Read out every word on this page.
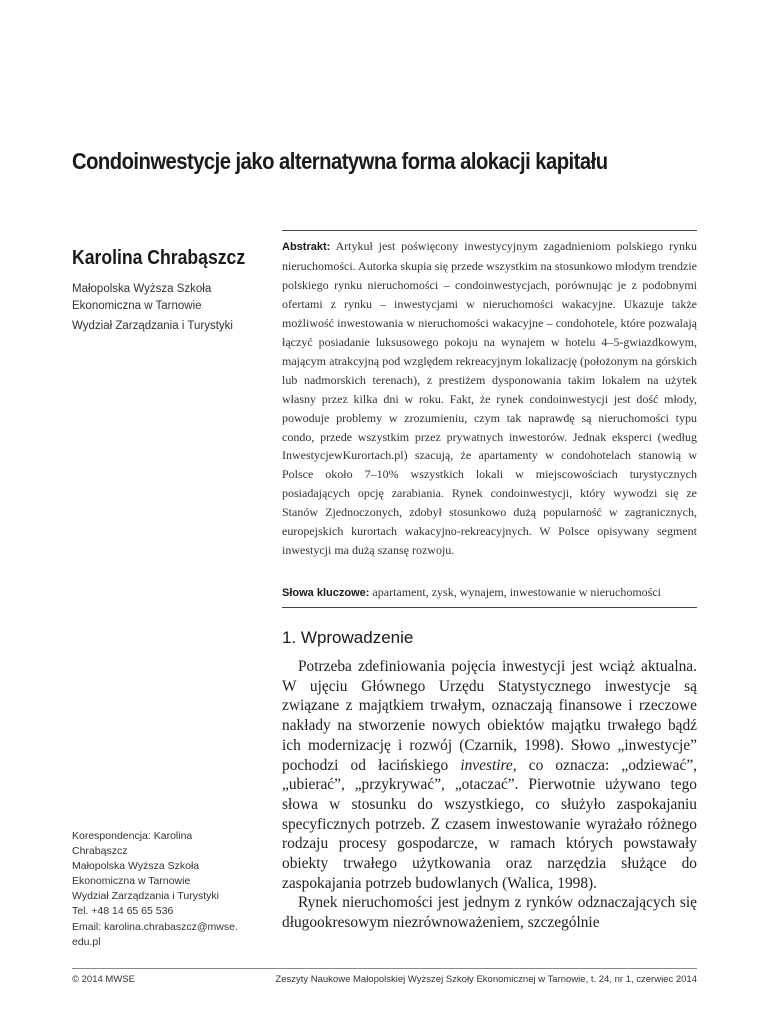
Condoinwestycje jako alternatywna forma alokacji kapitału
Karolina Chrabąszcz
Małopolska Wyższa Szkoła
Ekonomiczna w Tarnowie
Wydział Zarządzania i Turystyki
Abstrakt: Artykuł jest poświęcony inwestycyjnym zagadnieniom polskiego rynku nieruchomości. Autorka skupia się przede wszystkim na stosunkowo młodym trendzie polskiego rynku nieruchomości – condoinwestycjach, porównując je z podobnymi ofertami z rynku – inwestycjami w nieruchomości wakacyjne. Ukazuje także możliwość inwestowania w nieruchomości wakacyjne – condohotele, które pozwalają łączyć posiadanie luksusowego pokoju na wynajem w hotelu 4–5-gwiazdkowym, mającym atrakcyjną pod względem rekreacyjnym lokalizację (położonym na górskich lub nadmorskich terenach), z prestiżem dysponowania takim lokalem na użytek własny przez kilka dni w roku. Fakt, że rynek condoinwestycji jest dość młody, powoduje problemy w zrozumieniu, czym tak naprawdę są nieruchomości typu condo, przede wszystkim przez prywatnych inwestorów. Jednak eksperci (według InwestycjewKurortach.pl) szacują, że apartamenty w condohotelach stanowią w Polsce około 7–10% wszystkich lokali w miejscowościach turystycznych posiadających opcję zarabiania. Rynek condoinwestycji, który wywodzi się ze Stanów Zjednoczonych, zdobył stosunkowo dużą popularność w zagranicznych, europejskich kurortach wakacyjno-rekreacyjnych. W Polsce opisywany segment inwestycji ma dużą szansę rozwoju.
Słowa kluczowe: apartament, zysk, wynajem, inwestowanie w nieruchomości
1. Wprowadzenie

Potrzeba zdefiniowania pojęcia inwestycji jest wciąż aktualna. W ujęciu Głównego Urzędu Statystycznego inwestycje są związane z majątkiem trwałym, oznaczają finansowe i rzeczowe nakłady na stworzenie nowych obiektów majątku trwałego bądź ich modernizację i rozwój (Czarnik, 1998). Słowo „inwestycje” pochodzi od łacińskiego investire, co oznacza: „odziewać”, „ubierać”, „przykrywać”, „otaczać”. Pierwotnie używano tego słowa w stosunku do wszystkiego, co służyło zaspokajaniu specyficznych potrzeb. Z czasem inwestowanie wyrażało różnego rodzaju procesy gospodarcze, w ramach których powstawały obiekty trwałego użytkowania oraz narzędzia służące do zaspokajania potrzeb budowlanych (Walica, 1998).

Rynek nieruchomości jest jednym z rynków odznaczających się długookresowym niezrównoważeniem, szczególnie

Korespondencja: Karolina
Chrabąszcz
Małopolska Wyższa Szkoła
Ekonomiczna w Tarnowie
Wydział Zarządzania i Turystyki
Tel. +48 14 65 65 536
Email: karolina.chrabaszcz@mwse.
edu.pl
© 2014 MWSE	Zeszyty Naukowe Małopolskiej Wyższej Szkoły Ekonomicznej w Tarnowie, t. 24, nr 1, czerwiec 2014
